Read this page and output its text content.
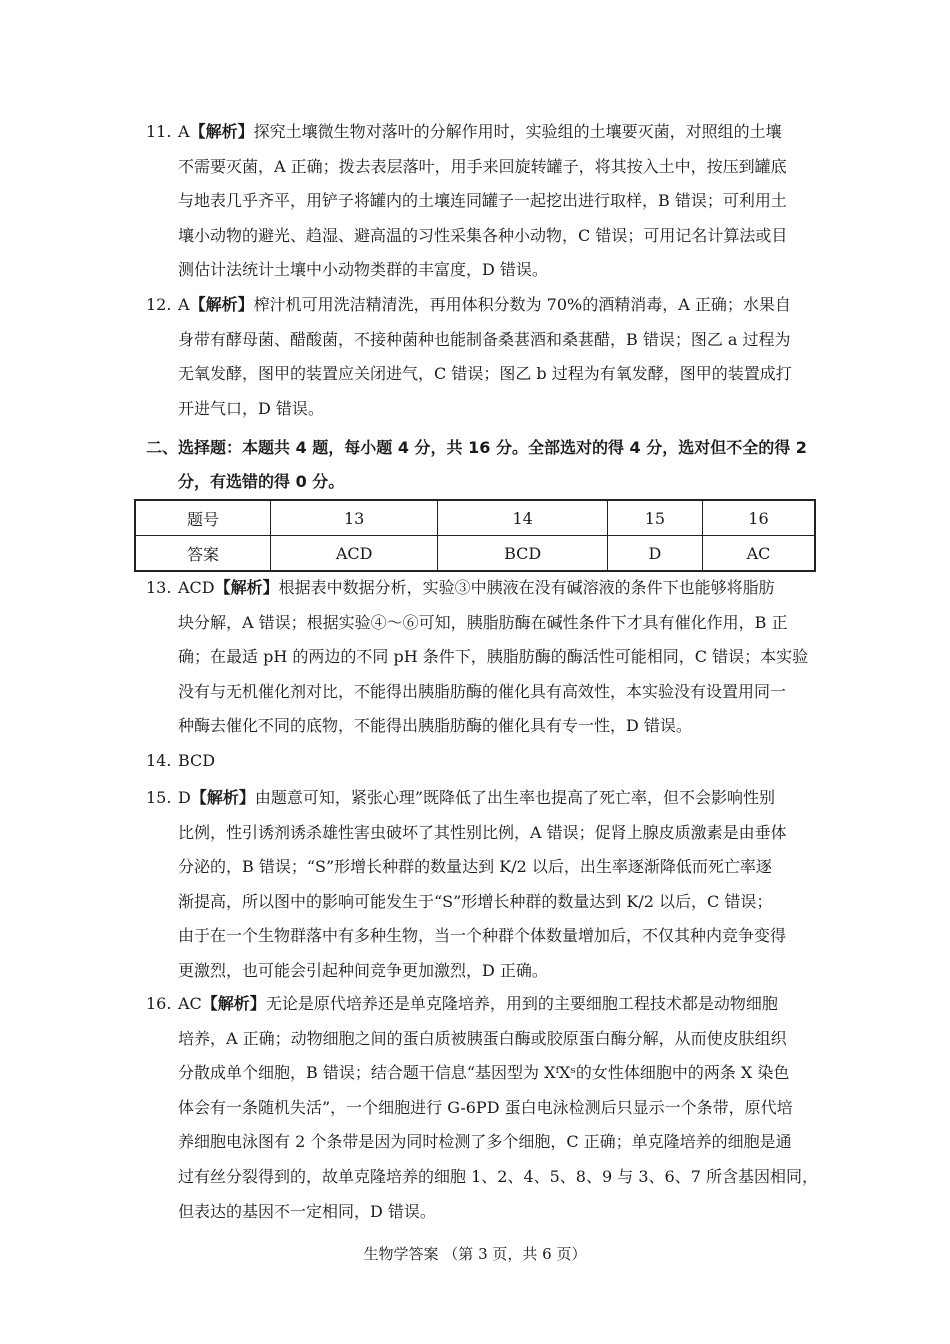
11. A【解析】探究土壤微生物对落叶的分解作用时，实验组的土壤要灭菌，对照组的土壤

不需要灭菌，A 正确；拨去表层落叶，用手来回旋转罐子，将其按入土中，按压到罐底

与地表几乎齐平，用铲子将罐内的土壤连同罐子一起挖出进行取样，B 错误；可利用土

壤小动物的避光、趋湿、避高温的习性采集各种小动物，C 错误；可用记名计算法或目

测估计法统计土壤中小动物类群的丰富度，D 错误。

12. A【解析】榨汁机可用洗洁精清洗，再用体积分数为 70%的酒精消毒，A 正确；水果自

身带有酵母菌、醋酸菌，不接种菌种也能制备桑葚酒和桑葚醋，B 错误；图乙 a 过程为

无氧发酵，图甲的装置应关闭进气，C 错误；图乙 b 过程为有氧发酵，图甲的装置成打

开进气口，D 错误。

二、选择题：本题共 4 题，每小题 4 分，共 16 分。全部选对的得 4 分，选对但不全的得 2

分，有选错的得 0 分。

题号	13	14	15	16
答案	ACD	BCD	D	AC
13. ACD【解析】根据表中数据分析，实验③中胰液在没有碱溶液的条件下也能够将脂肪

块分解，A 错误；根据实验④～⑥可知，胰脂肪酶在碱性条件下才具有催化作用，B 正

确；在最适 pH 的两边的不同 pH 条件下，胰脂肪酶的酶活性可能相同，C 错误；本实验

没有与无机催化剂对比，不能得出胰脂肪酶的催化具有高效性，本实验没有设置用同一

种酶去催化不同的底物，不能得出胰脂肪酶的催化具有专一性，D 错误。

14. BCD

15. D【解析】由题意可知，紧张心理”既降低了出生率也提高了死亡率，但不会影响性别

比例，性引诱剂诱杀雄性害虫破坏了其性别比例，A 错误；促肾上腺皮质激素是由垂体

分泌的，B 错误；“S”形增长种群的数量达到 K/2 以后，出生率逐渐降低而死亡率逐

渐提高，所以图中的影响可能发生于“S”形增长种群的数量达到 K/2 以后，C 错误；

由于在一个生物群落中有多种生物，当一个种群个体数量增加后，不仅其种内竞争变得

更激烈，也可能会引起种间竞争更加激烈，D 正确。

16. AC【解析】无论是原代培养还是单克隆培养，用到的主要细胞工程技术都是动物细胞

培养，A 正确；动物细胞之间的蛋白质被胰蛋白酶或胶原蛋白酶分解，从而使皮肤组织

分散成单个细胞，B 错误；结合题干信息“基因型为 XᶠXˢ的女性体细胞中的两条 X 染色

体会有一条随机失活”，一个细胞进行 G-6PD 蛋白电泳检测后只显示一个条带，原代培

养细胞电泳图有 2 个条带是因为同时检测了多个细胞，C 正确；单克隆培养的细胞是通

过有丝分裂得到的，故单克隆培养的细胞 1、2、4、5、8、9 与 3、6、7 所含基因相同，

但表达的基因不一定相同，D 错误。

生物学答案 （第 3 页，共 6 页）
